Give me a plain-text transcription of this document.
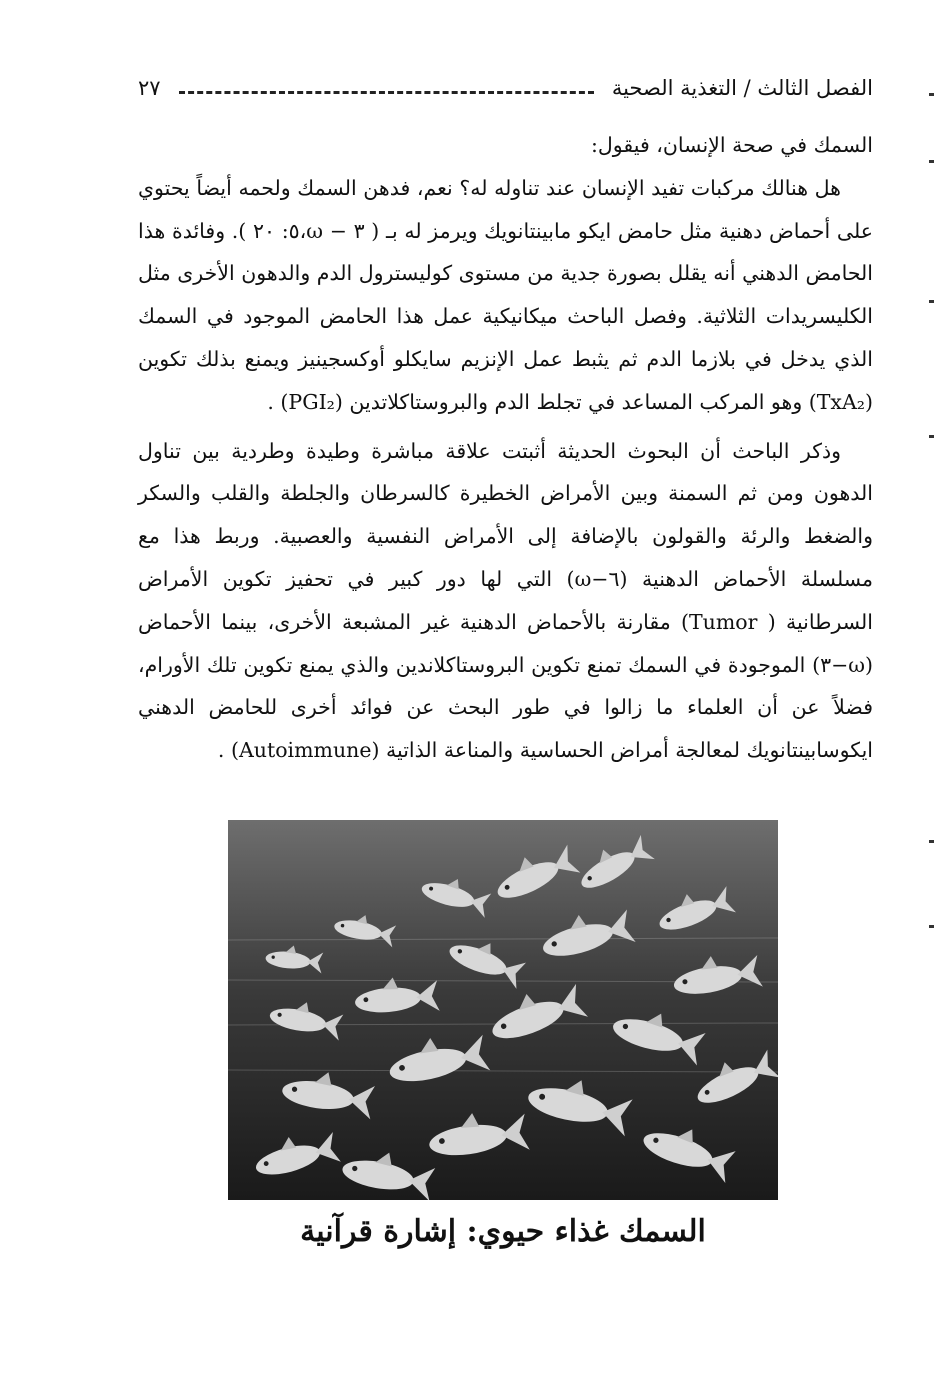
الفصل الثالث / التغذية الصحية
٢٧

السمك في صحة الإنسان، فيقول:

هل هنالك مركبات تفيد الإنسان عند تناوله له؟ نعم، فدهن السمك ولحمه أيضاً يحتوي على أحماض دهنية مثل حامض ايكو مابينتانويك ويرمز له بـ ( ٣ − ω،٥: ٢٠ ). وفائدة هذا الحامض الدهني أنه يقلل بصورة جدية من مستوى كوليسترول الدم والدهون الأخرى مثل الكليسريدات الثلاثية. وفصل الباحث ميكانيكية عمل هذا الحامض الموجود في السمك الذي يدخل في بلازما الدم ثم يثبط عمل الإنزيم سايكلو أوكسجينيز ويمنع بذلك تكوين (TxA₂) وهو المركب المساعد في تجلط الدم والبروستاكلاتدين (PGI₂) .

وذكر الباحث أن البحوث الحديثة أثبتت علاقة مباشرة وطيدة وطردية بين تناول الدهون ومن ثم السمنة وبين الأمراض الخطيرة كالسرطان والجلطة والقلب والسكر والضغط والرئة والقولون بالإضافة إلى الأمراض النفسية والعصبية. وربط هذا مع مسلسلة الأحماض الدهنية (٦−ω) التي لها دور كبير في تحفيز تكوين الأمراض السرطانية ( Tumor) مقارنة بالأحماض الدهنية غير المشبعة الأخرى، بينما الأحماض (ω−٣) الموجودة في السمك تمنع تكوين البروستاكلاندين والذي يمنع تكوين تلك الأورام، فضلاً عن أن العلماء ما زالوا في طور البحث عن فوائد أخرى للحامض الدهني ايكوسابينتانويك لمعالجة أمراض الحساسية والمناعة الذاتية (Autoimmune) .

السمك غذاء حيوي: إشارة قرآنية
